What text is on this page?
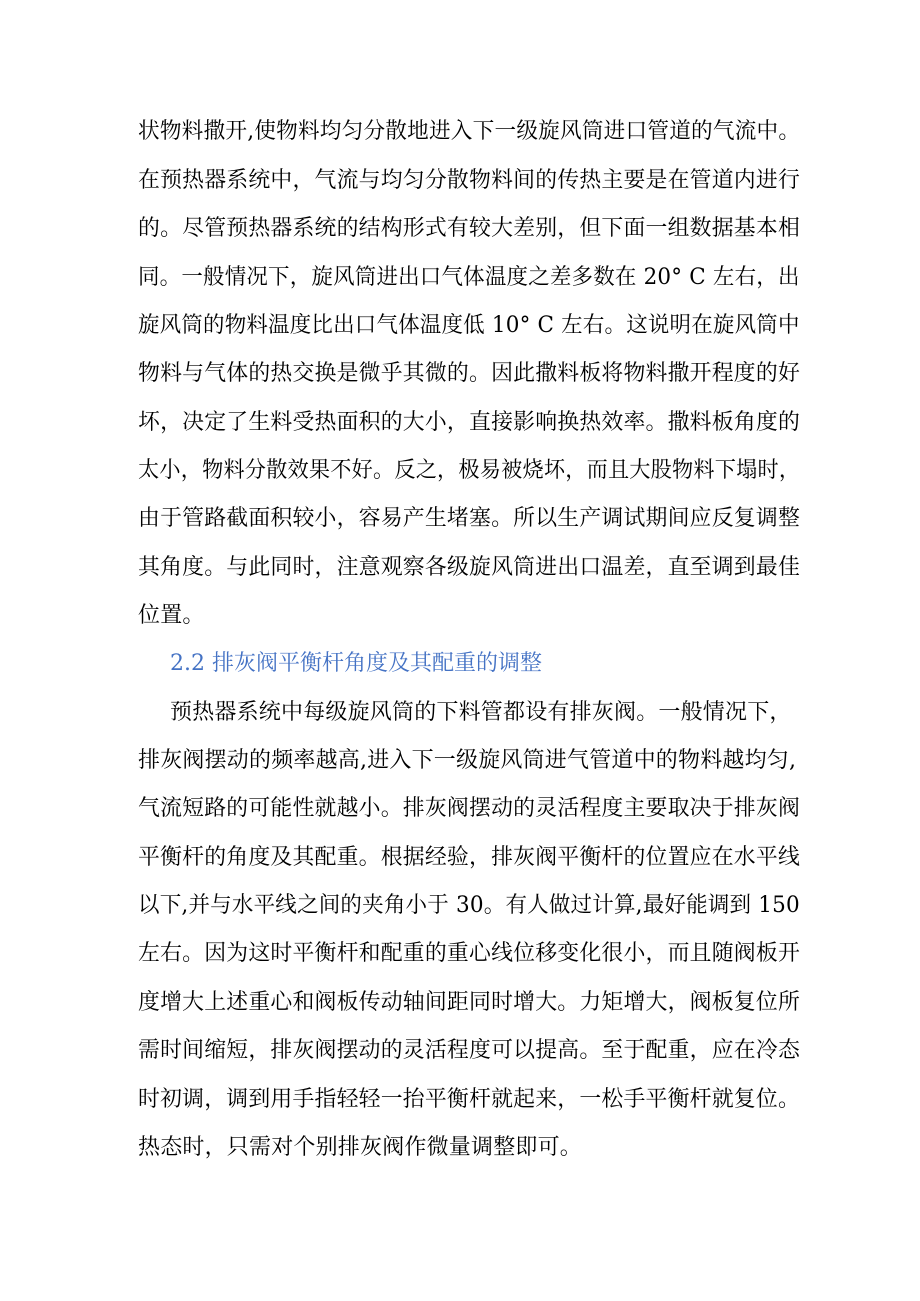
状物料撒开,使物料均匀分散地进入下一级旋风筒进口管道的气流中。
在预热器系统中，气流与均匀分散物料间的传热主要是在管道内进行
的。尽管预热器系统的结构形式有较大差别，但下面一组数据基本相
同。一般情况下，旋风筒进出口气体温度之差多数在 20° C 左右，出
旋风筒的物料温度比出口气体温度低 10° C 左右。这说明在旋风筒中
物料与气体的热交换是微乎其微的。因此撒料板将物料撒开程度的好
坏，决定了生料受热面积的大小，直接影响换热效率。撒料板角度的
太小，物料分散效果不好。反之，极易被烧坏，而且大股物料下塌时，
由于管路截面积较小，容易产生堵塞。所以生产调试期间应反复调整
其角度。与此同时，注意观察各级旋风筒进出口温差，直至调到最佳
位置。
2.2 排灰阀平衡杆角度及其配重的调整
预热器系统中每级旋风筒的下料管都设有排灰阀。一般情况下，
排灰阀摆动的频率越高,进入下一级旋风筒进气管道中的物料越均匀,
气流短路的可能性就越小。排灰阀摆动的灵活程度主要取决于排灰阀
平衡杆的角度及其配重。根据经验，排灰阀平衡杆的位置应在水平线
以下,并与水平线之间的夹角小于 30。有人做过计算,最好能调到 150
左右。因为这时平衡杆和配重的重心线位移变化很小，而且随阀板开
度增大上述重心和阀板传动轴间距同时增大。力矩增大，阀板复位所
需时间缩短，排灰阀摆动的灵活程度可以提高。至于配重，应在冷态
时初调，调到用手指轻轻一抬平衡杆就起来，一松手平衡杆就复位。
热态时，只需对个别排灰阀作微量调整即可。
